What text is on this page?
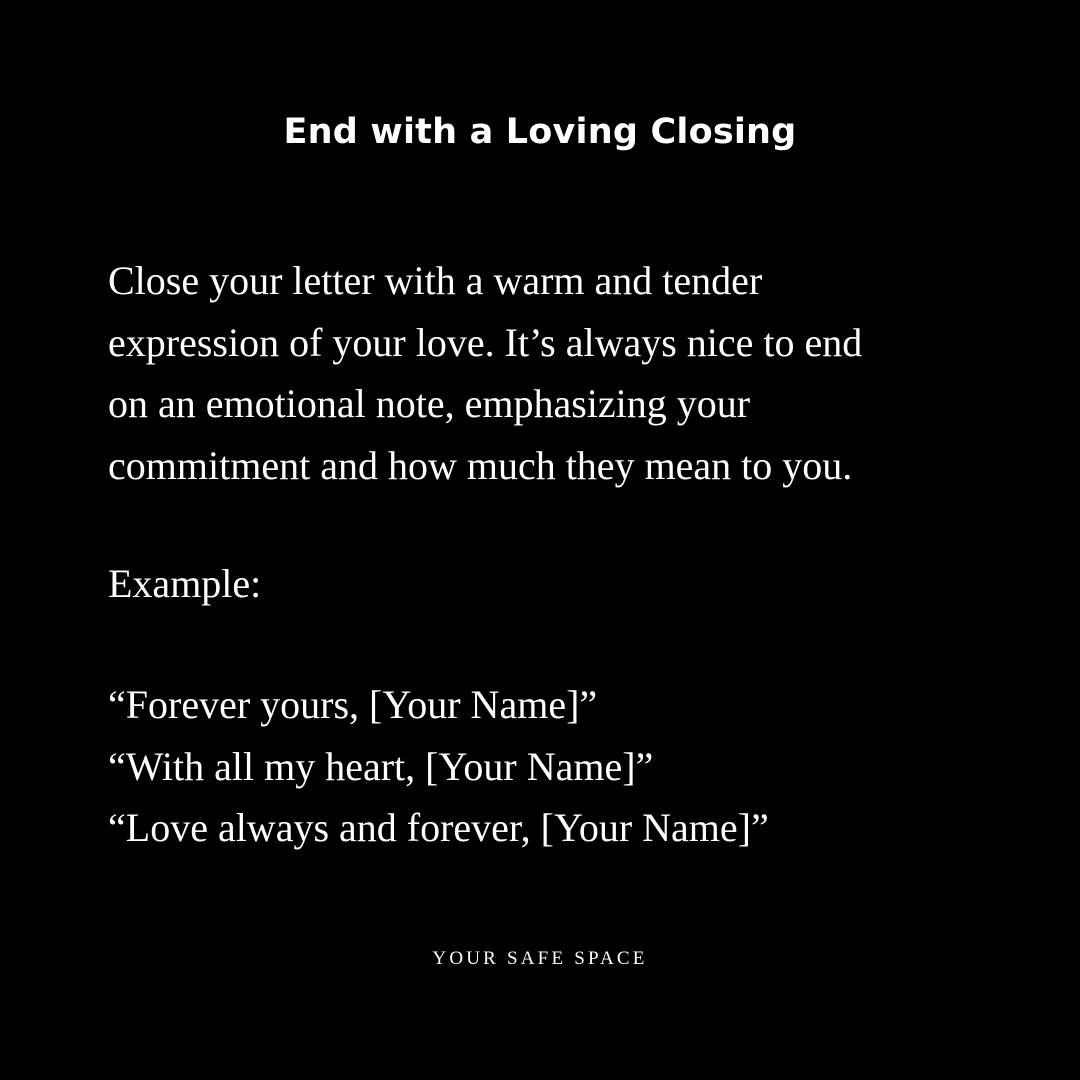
End with a Loving Closing
Close your letter with a warm and tender
expression of your love. It’s always nice to end
on an emotional note, emphasizing your
commitment and how much they mean to you.
Example:
“Forever yours, [Your Name]”
“With all my heart, [Your Name]”
“Love always and forever, [Your Name]”
YOUR SAFE SPACE
